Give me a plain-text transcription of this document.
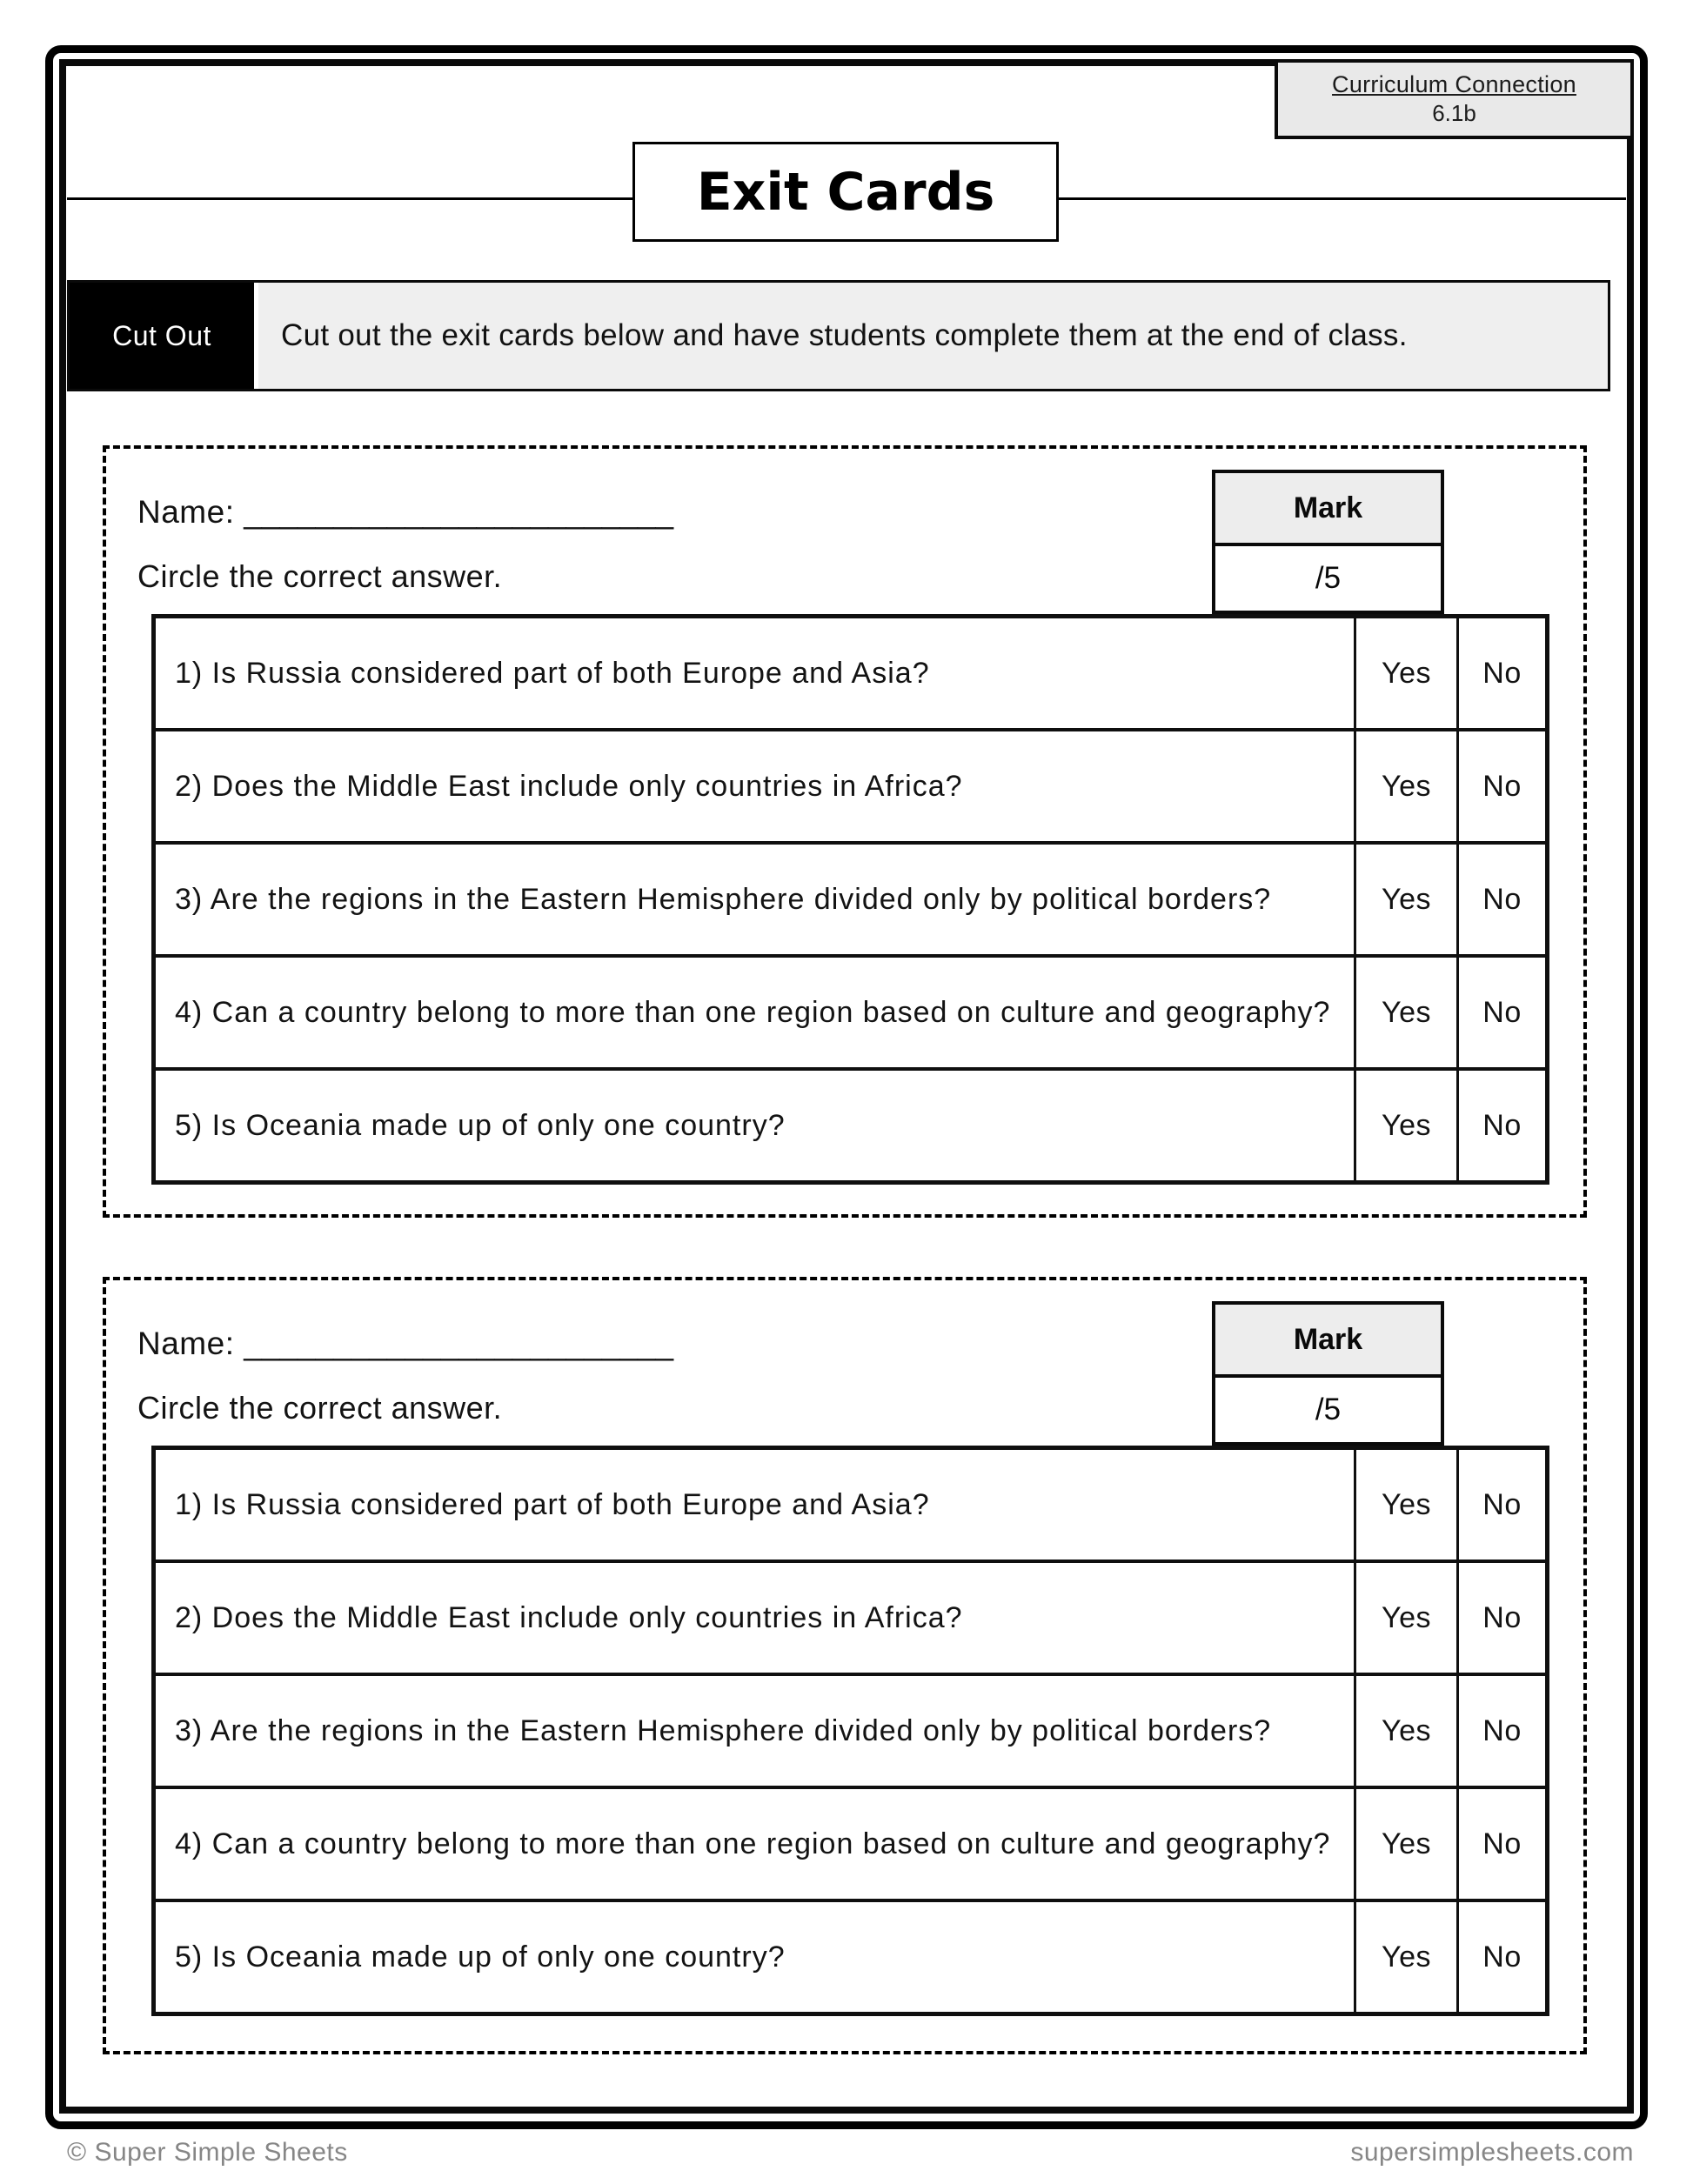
Curriculum Connection
6.1b
Exit Cards
Cut Out	Cut out the exit cards below and have students complete them at the end of class.
Name: ________________________
Circle the correct answer.
Mark
/5
1) Is Russia considered part of both Europe and Asia?	Yes	No
2) Does the Middle East include only countries in Africa?	Yes	No
3) Are the regions in the Eastern Hemisphere divided only by political borders?	Yes	No
4) Can a country belong to more than one region based on culture and geography?	Yes	No
5) Is Oceania made up of only one country?	Yes	No
Name: ________________________
Circle the correct answer.
Mark
/5
1) Is Russia considered part of both Europe and Asia?	Yes	No
2) Does the Middle East include only countries in Africa?	Yes	No
3) Are the regions in the Eastern Hemisphere divided only by political borders?	Yes	No
4) Can a country belong to more than one region based on culture and geography?	Yes	No
5) Is Oceania made up of only one country?	Yes	No
© Super Simple Sheets	supersimplesheets.com
